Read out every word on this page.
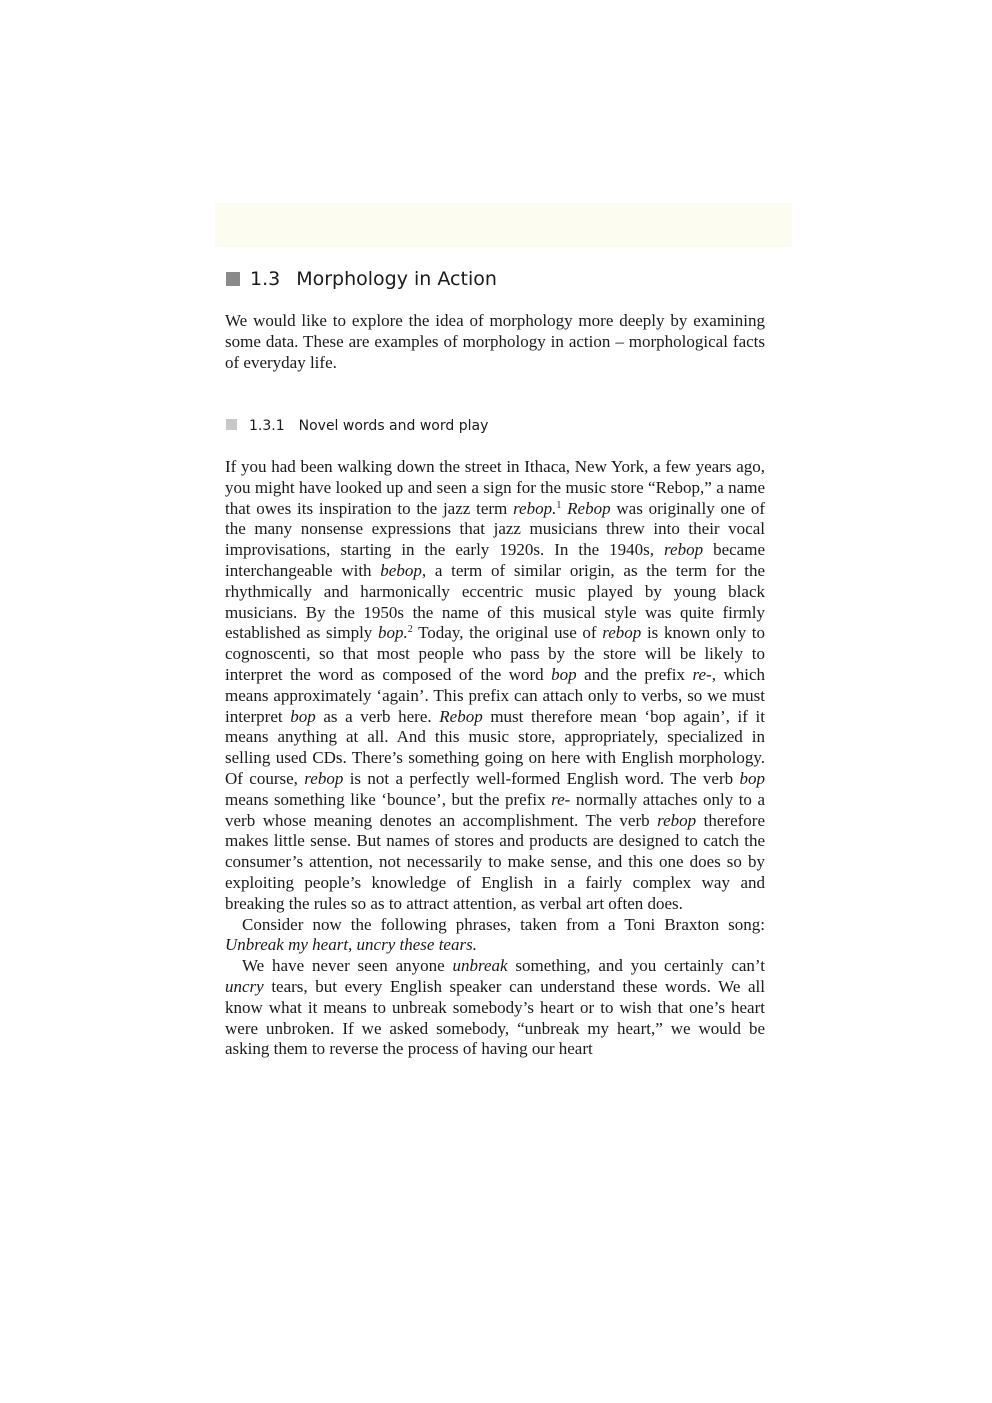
1.3 Morphology in Action

We would like to explore the idea of morphology more deeply by examining some data. These are examples of morphology in action – morphological facts of everyday life.

1.3.1 Novel words and word play

If you had been walking down the street in Ithaca, New York, a few years ago, you might have looked up and seen a sign for the music store “Rebop,” a name that owes its inspiration to the jazz term rebop.$^1$ Rebop was originally one of the many nonsense expressions that jazz musicians threw into their vocal improvisations, starting in the early 1920s. In the 1940s, rebop became interchangeable with bebop, a term of similar origin, as the term for the rhythmically and harmonically eccentric music played by young black musicians. By the 1950s the name of this musical style was quite firmly established as simply bop.$^2$ Today, the original use of rebop is known only to cognoscenti, so that most people who pass by the store will be likely to interpret the word as composed of the word bop and the prefix re-, which means approximately ‘again’. This prefix can attach only to verbs, so we must interpret bop as a verb here. Rebop must therefore mean ‘bop again’, if it means anything at all. And this music store, appropriately, specialized in selling used CDs. There’s something going on here with English morphology. Of course, rebop is not a perfectly well-formed English word. The verb bop means something like ‘bounce’, but the prefix re- normally attaches only to a verb whose meaning denotes an accomplishment. The verb rebop therefore makes little sense. But names of stores and products are designed to catch the consumer’s attention, not necessarily to make sense, and this one does so by exploiting people’s knowledge of English in a fairly complex way and breaking the rules so as to attract attention, as verbal art often does.

Consider now the following phrases, taken from a Toni Braxton song: Unbreak my heart, uncry these tears.

We have never seen anyone unbreak something, and you certainly can’t uncry tears, but every English speaker can understand these words. We all know what it means to unbreak somebody’s heart or to wish that one’s heart were unbroken. If we asked somebody, “unbreak my heart,” we would be asking them to reverse the process of having our heart
